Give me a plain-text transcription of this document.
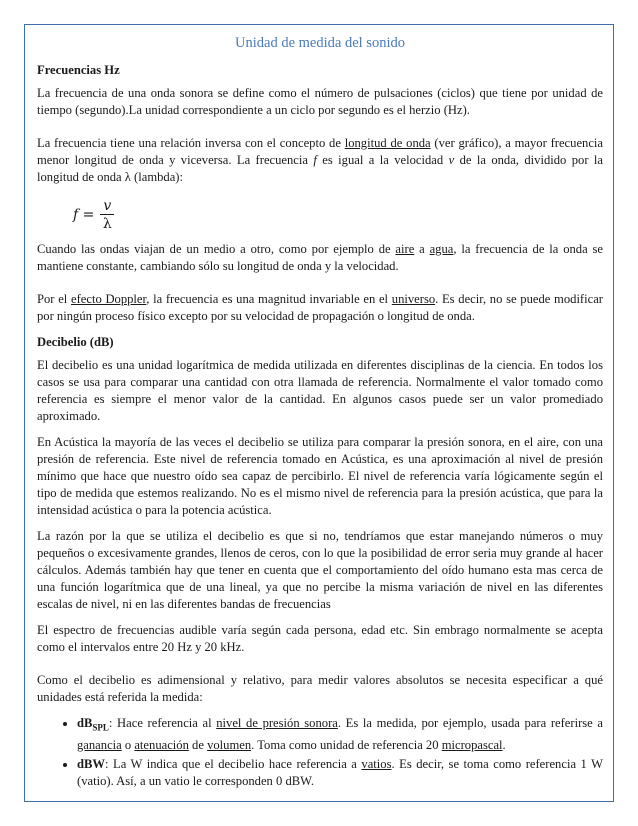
Unidad de medida del sonido
Frecuencias Hz

La frecuencia de una onda sonora se define como el número de pulsaciones (ciclos) que tiene por unidad de tiempo (segundo).La unidad correspondiente a un ciclo por segundo es el herzio (Hz).

La frecuencia tiene una relación inversa con el concepto de longitud de onda (ver gráfico), a mayor frecuencia menor longitud de onda y viceversa. La frecuencia f es igual a la velocidad v de la onda, dividido por la longitud de onda λ (lambda):

$f = \frac{v}{\lambda}$

Cuando las ondas viajan de un medio a otro, como por ejemplo de aire a agua, la frecuencia de la onda se mantiene constante, cambiando sólo su longitud de onda y la velocidad.

Por el efecto Doppler, la frecuencia es una magnitud invariable en el universo. Es decir, no se puede modificar por ningún proceso físico excepto por su velocidad de propagación o longitud de onda.

Decibelio (dB)

El decibelio es una unidad logarítmica de medida utilizada en diferentes disciplinas de la ciencia. En todos los casos se usa para comparar una cantidad con otra llamada de referencia. Normalmente el valor tomado como referencia es siempre el menor valor de la cantidad. En algunos casos puede ser un valor promediado aproximado.

En Acústica la mayoría de las veces el decibelio se utiliza para comparar la presión sonora, en el aire, con una presión de referencia. Este nivel de referencia tomado en Acústica, es una aproximación al nivel de presión mínimo que hace que nuestro oído sea capaz de percibirlo. El nivel de referencia varía lógicamente según el tipo de medida que estemos realizando. No es el mismo nivel de referencia para la presión acústica, que para la intensidad acústica o para la potencia acústica.

La razón por la que se utiliza el decibelio es que si no, tendríamos que estar manejando números o muy pequeños o excesivamente grandes, llenos de ceros, con lo que la posibilidad de error seria muy grande al hacer cálculos. Además también hay que tener en cuenta que el comportamiento del oído humano esta mas cerca de una función logarítmica que de una lineal, ya que no percibe la misma variación de nivel en las diferentes escalas de nivel, ni en las diferentes bandas de frecuencias

El espectro de frecuencias audible varía según cada persona, edad etc. Sin embrago normalmente se acepta como el intervalos entre 20 Hz y 20 kHz.

Como el decibelio es adimensional y relativo, para medir valores absolutos se necesita especificar a qué unidades está referida la medida:

• $dB_{SPL}$: Hace referencia al nivel de presión sonora. Es la medida, por ejemplo, usada para referirse a ganancia o atenuación de volumen. Toma como unidad de referencia 20 micropascal.
• dBW: La W indica que el decibelio hace referencia a vatios. Es decir, se toma como referencia 1 W (vatio). Así, a un vatio le corresponden 0 dBW.
